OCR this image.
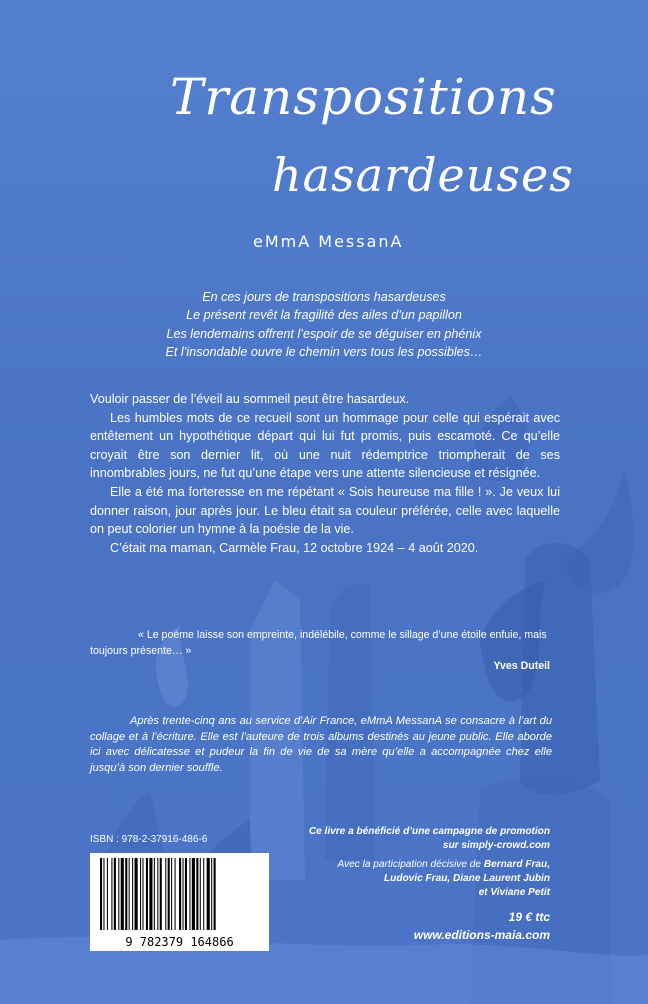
Transpositions
hasardeuses
eMmA MessanA
En ces jours de transpositions hasardeuses
Le présent revêt la fragilité des ailes d’un papillon
Les lendemains offrent l’espoir de se déguiser en phénix
Et l’insondable ouvre le chemin vers tous les possibles…

Vouloir passer de l’éveil au sommeil peut être hasardeux.

Les humbles mots de ce recueil sont un hommage pour celle qui espérait avec entêtement un hypothétique départ qui lui fut promis, puis escamoté. Ce qu’elle croyait être son dernier lit, où une nuit rédemptrice triompherait de ses innombrables jours, ne fut qu’une étape vers une attente silencieuse et résignée.

Elle a été ma forteresse en me répétant « Sois heureuse ma fille ! ». Je veux lui donner raison, jour après jour. Le bleu était sa couleur préférée, celle avec laquelle on peut colorier un hymne à la poésie de la vie.

C’était ma maman, Carmèle Frau, 12 octobre 1924 – 4 août 2020.

« Le poème laisse son empreinte, indélébile, comme le sillage d’une étoile enfuie, mais toujours présente… »
Yves Duteil

Après trente-cinq ans au service d’Air France, eMmA MessanA se consacre à l’art du collage et à l’écriture. Elle est l’auteure de trois albums destinés au jeune public. Elle aborde ici avec délicatesse et pudeur la fin de vie de sa mère qu’elle a accompagnée chez elle jusqu’à son dernier souffle.

ISBN : 978-2-37916-486-6
9 782379 164866
Ce livre a bénéficié d’une campagne de promotion
sur simply-crowd.com
Avec la participation décisive de Bernard Frau,
Ludovic Frau, Diane Laurent Jubin
et Viviane Petit
19 € ttc
www.editions-maia.com
